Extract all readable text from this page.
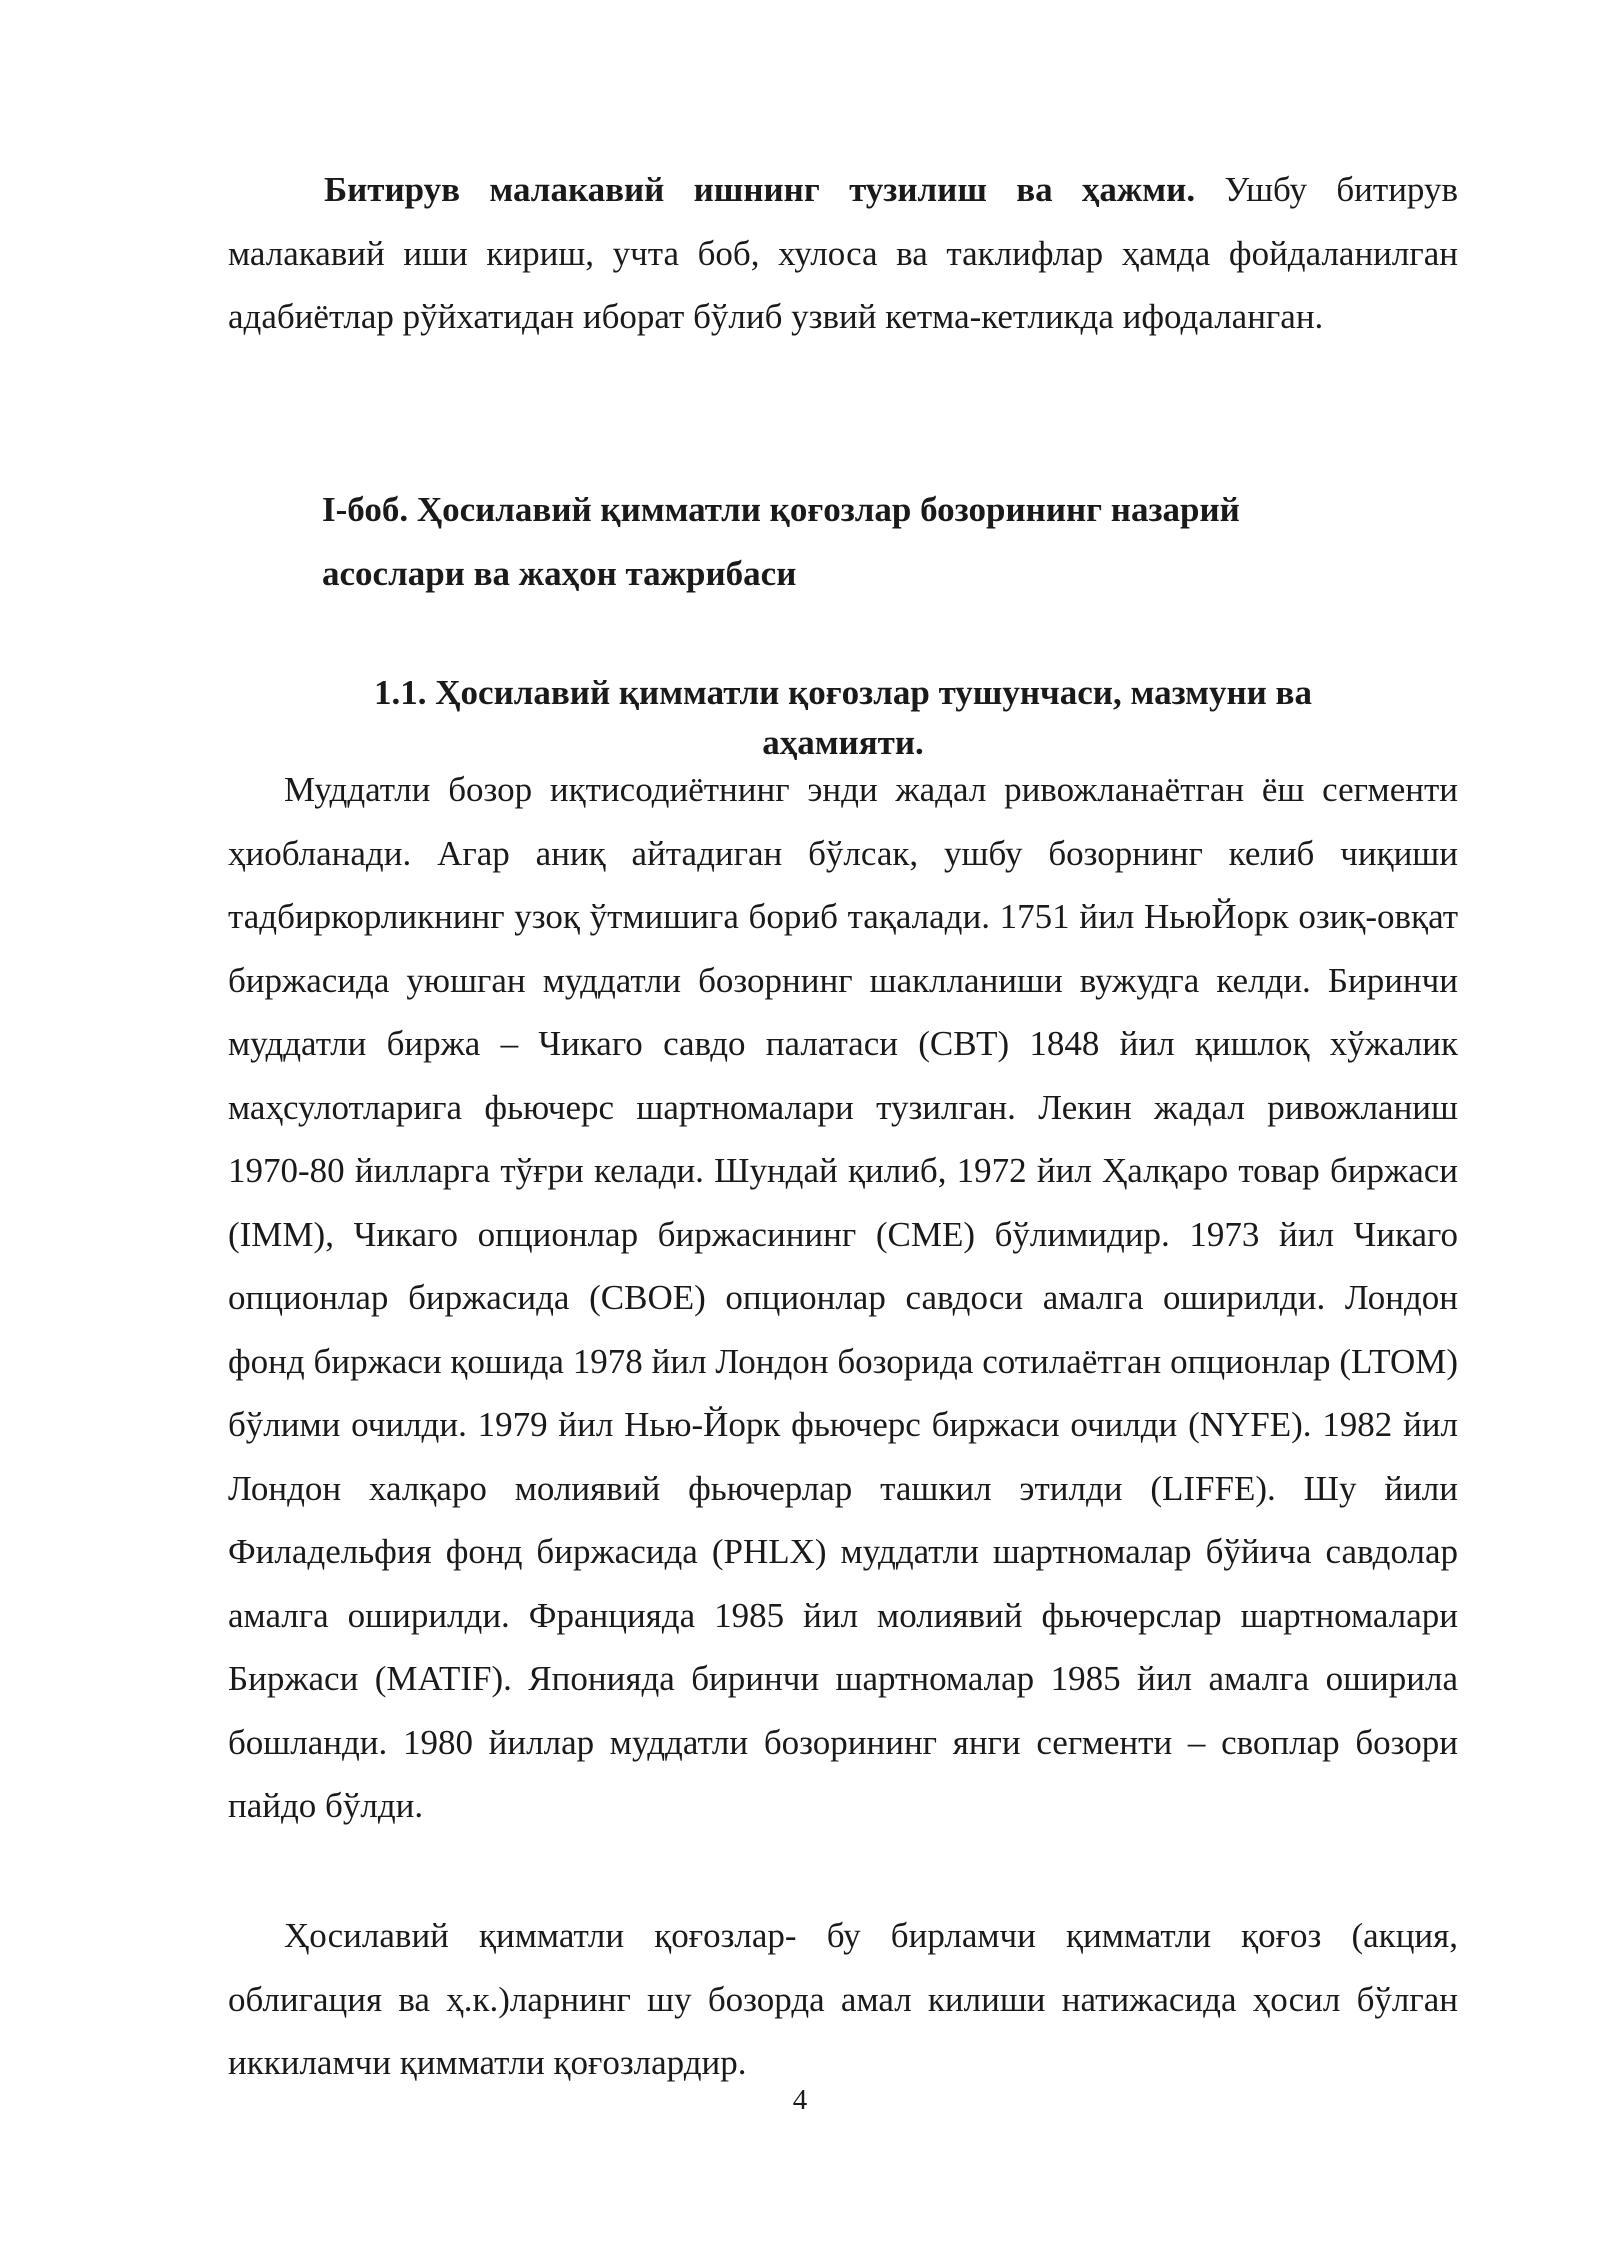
Битирув малакавий ишнинг тузилиш ва ҳажми. Ушбу битирув малакавий иши кириш, учта боб, хулоса ва таклифлар ҳамда фойдаланилган адабиётлар рўйхатидан иборат бўлиб узвий кетма-кетликда ифодаланган.

I-боб. Ҳосилавий қимматли қоғозлар бозорининг назарий
асослари ва жаҳон тажрибаси
1.1. Ҳосилавий қимматли қоғозлар тушунчаси, мазмуни ва
аҳамияти.

Муддатли бозор иқтисодиётнинг энди жадал ривожланаётган ёш сегменти ҳиобланади. Агар аниқ айтадиган бўлсак, ушбу бозорнинг келиб чиқиши тадбиркорликнинг узоқ ўтмишига бориб тақалади. 1751 йил НьюЙорк озиқ-овқат биржасида уюшган муддатли бозорнинг шаклланиши вужудга келди. Биринчи муддатли биржа – Чикаго савдо палатаси (СВТ) 1848 йил қишлоқ хўжалик маҳсулотларига фьючерс шартномалари тузилган. Лекин жадал ривожланиш 1970-80 йилларга тўғри келади. Шундай қилиб, 1972 йил Ҳалқаро товар биржаси (IMM), Чикаго опционлар биржасининг (CME) бўлимидир. 1973 йил Чикаго опционлар биржасида (CBOE) опционлар савдоси амалга оширилди. Лондон фонд биржаси қошида 1978 йил Лондон бозорида сотилаётган опционлар (LTOM) бўлими очилди. 1979 йил Нью-Йорк фьючерс биржаси очилди (NYFE). 1982 йил Лондон халқаро молиявий фьючерлар ташкил этилди (LIFFE). Шу йили Филадельфия фонд биржасида (PHLX) муддатли шартномалар бўйича савдолар амалга оширилди. Францияда 1985 йил молиявий фьючерслар шартномалари Биржаси (MATIF). Японияда биринчи шартномалар 1985 йил амалга оширила бошланди. 1980 йиллар муддатли бозорининг янги сегменти – своплар бозори пайдо бўлди.

Ҳосилавий қимматли қоғозлар- бу бирламчи қимматли қоғоз (акция, облигация ва ҳ.к.)ларнинг шу бозорда амал килиши натижасида ҳосил бўлган иккиламчи қимматли қоғозлардир.

4
